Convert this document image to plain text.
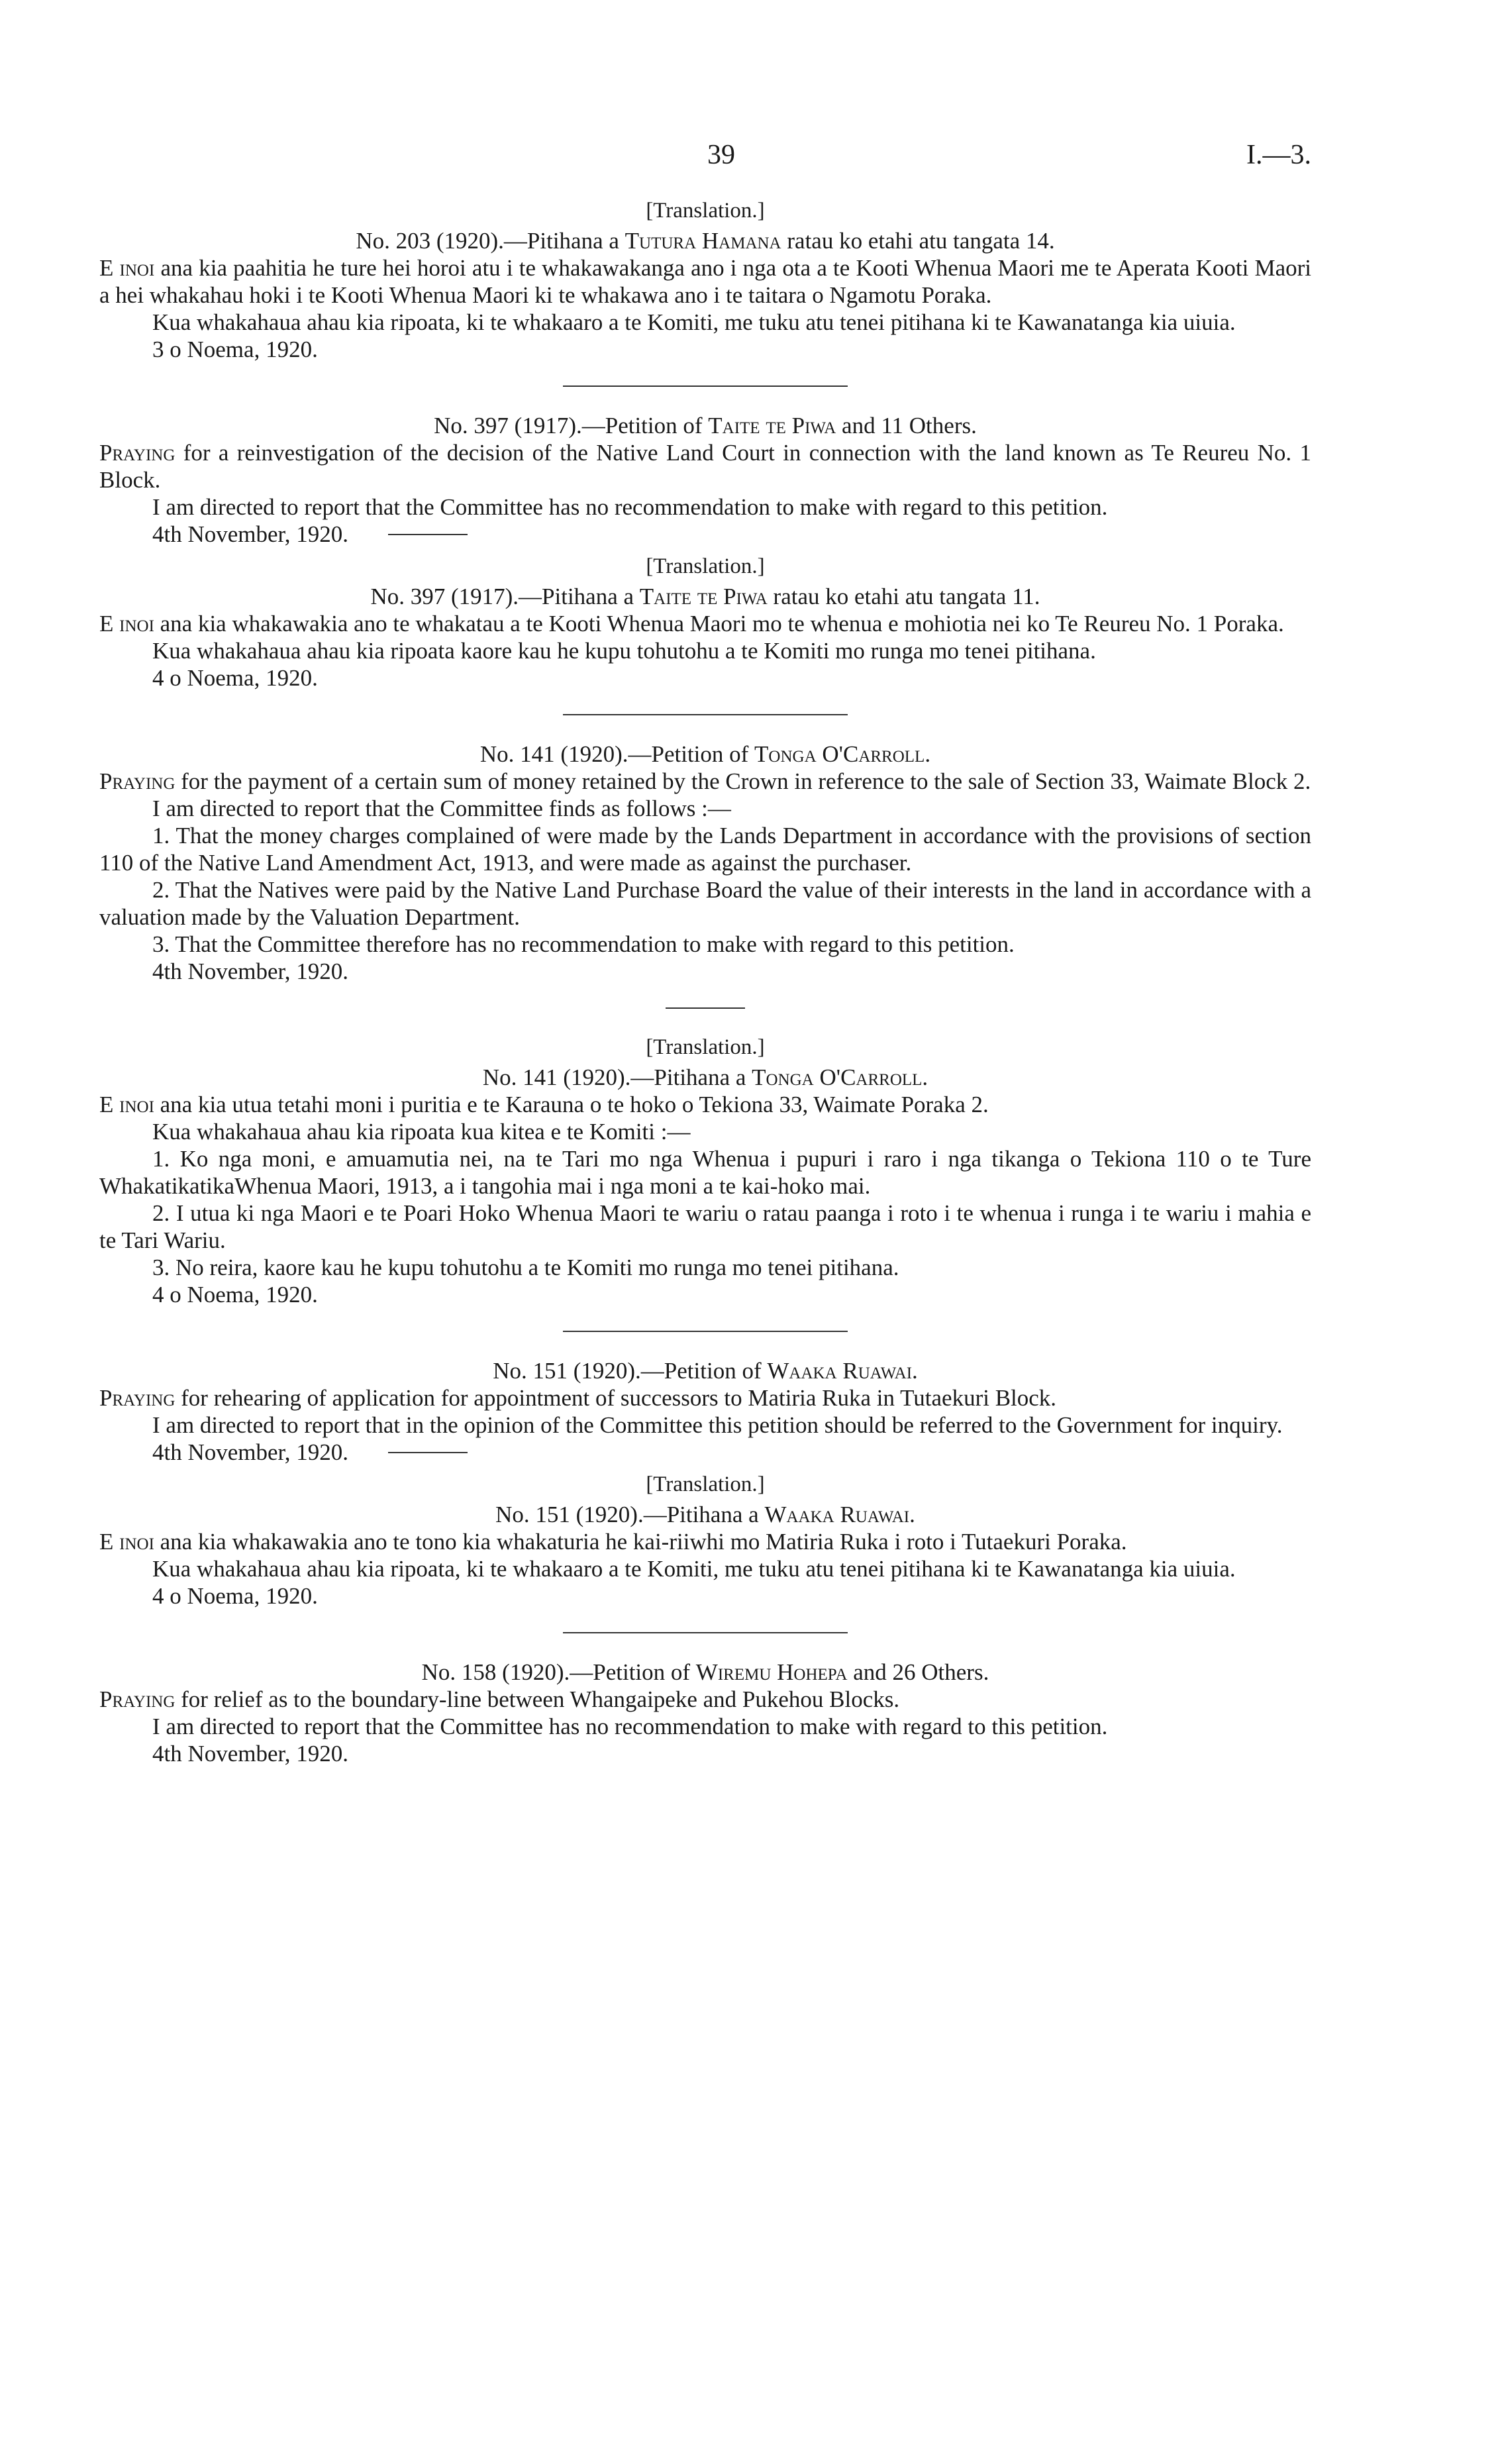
39	I.—3.

[Translation.]

No. 203 (1920).—Pitihana a Tutura Hamana ratau ko etahi atu tangata 14.

E inoi ana kia paahitia he ture hei horoi atu i te whakawakanga ano i nga ota a te Kooti Whenua Maori me te Aperata Kooti Maori a hei whakahau hoki i te Kooti Whenua Maori ki te whakawa ano i te taitara o Ngamotu Poraka.

Kua whakahaua ahau kia ripoata, ki te whakaaro a te Komiti, me tuku atu tenei pitihana ki te Kawanatanga kia uiuia.

3 o Noema, 1920.

No. 397 (1917).—Petition of Taite te Piwa and 11 Others.

Praying for a reinvestigation of the decision of the Native Land Court in connection with the land known as Te Reureu No. 1 Block.

I am directed to report that the Committee has no recommendation to make with regard to this petition.

4th November, 1920.

[Translation.]

No. 397 (1917).—Pitihana a Taite te Piwa ratau ko etahi atu tangata 11.

E inoi ana kia whakawakia ano te whakatau a te Kooti Whenua Maori mo te whenua e mohiotia nei ko Te Reureu No. 1 Poraka.

Kua whakahaua ahau kia ripoata kaore kau he kupu tohutohu a te Komiti mo runga mo tenei pitihana.

4 o Noema, 1920.

No. 141 (1920).—Petition of Tonga O'Carroll.

Praying for the payment of a certain sum of money retained by the Crown in reference to the sale of Section 33, Waimate Block 2.

I am directed to report that the Committee finds as follows :—

1. That the money charges complained of were made by the Lands Department in accordance with the provisions of section 110 of the Native Land Amendment Act, 1913, and were made as against the purchaser.

2. That the Natives were paid by the Native Land Purchase Board the value of their interests in the land in accordance with a valuation made by the Valuation Department.

3. That the Committee therefore has no recommendation to make with regard to this petition.

4th November, 1920.

[Translation.]

No. 141 (1920).—Pitihana a Tonga O'Carroll.

E inoi ana kia utua tetahi moni i puritia e te Karauna o te hoko o Tekiona 33, Waimate Poraka 2.

Kua whakahaua ahau kia ripoata kua kitea e te Komiti :—

1. Ko nga moni, e amuamutia nei, na te Tari mo nga Whenua i pupuri i raro i nga tikanga o Tekiona 110 o te Ture WhakatikatikaWhenua Maori, 1913, a i tangohia mai i nga moni a te kai-hoko mai.

2. I utua ki nga Maori e te Poari Hoko Whenua Maori te wariu o ratau paanga i roto i te whenua i runga i te wariu i mahia e te Tari Wariu.

3. No reira, kaore kau he kupu tohutohu a te Komiti mo runga mo tenei pitihana.

4 o Noema, 1920.

No. 151 (1920).—Petition of Waaka Ruawai.

Praying for rehearing of application for appointment of successors to Matiria Ruka in Tutaekuri Block.

I am directed to report that in the opinion of the Committee this petition should be referred to the Government for inquiry.

4th November, 1920.

[Translation.]

No. 151 (1920).—Pitihana a Waaka Ruawai.

E inoi ana kia whakawakia ano te tono kia whakaturia he kai-riiwhi mo Matiria Ruka i roto i Tutaekuri Poraka.

Kua whakahaua ahau kia ripoata, ki te whakaaro a te Komiti, me tuku atu tenei pitihana ki te Kawanatanga kia uiuia.

4 o Noema, 1920.

No. 158 (1920).—Petition of Wiremu Hohepa and 26 Others.

Praying for relief as to the boundary-line between Whangaipeke and Pukehou Blocks.

I am directed to report that the Committee has no recommendation to make with regard to this petition.

4th November, 1920.
